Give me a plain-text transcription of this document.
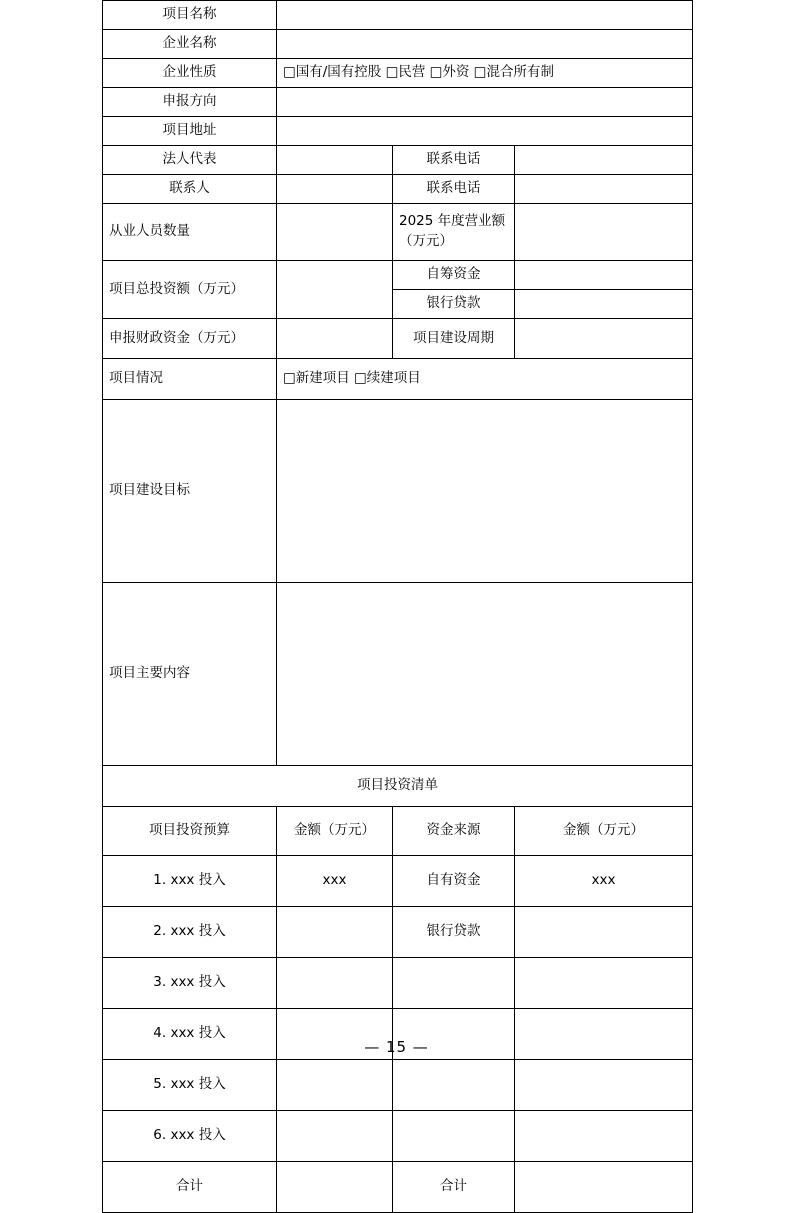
项目名称			
企业名称			
企业性质	□国有/国有控股 □民营 □外资 □混合所有制		
申报方向			
项目地址			
法人代表		联系电话	
联系人		联系电话	
从业人员数量		2025 年度营业额（万元）	
项目总投资额（万元）		自筹资金	
		银行贷款	
申报财政资金（万元）		项目建设周期	
项目情况	□新建项目 □续建项目		
项目建设目标			
项目主要内容			
项目投资清单			
项目投资预算	金额（万元）	资金来源	金额（万元）
1. xxx 投入	xxx	自有资金	xxx
2. xxx 投入		银行贷款	
3. xxx 投入			
4. xxx 投入			
5. xxx 投入			
6. xxx 投入			
合计		合计	
— 15 —
